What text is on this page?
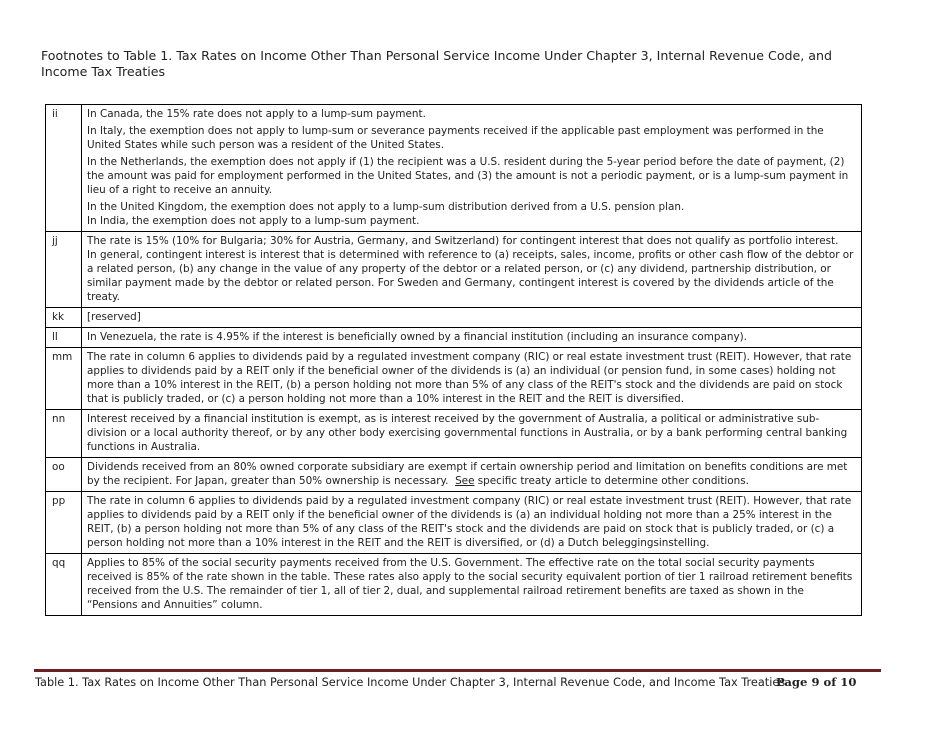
Footnotes to Table 1. Tax Rates on Income Other Than Personal Service Income Under Chapter 3, Internal Revenue Code, and Income Tax Treaties
ii	In Canada, the 15% rate does not apply to a lump-sum payment.

In Italy, the exemption does not apply to lump-sum or severance payments received if the applicable past employment was performed in the United States while such person was a resident of the United States.

In the Netherlands, the exemption does not apply if (1) the recipient was a U.S. resident during the 5-year period before the date of payment, (2) the amount was paid for employment performed in the United States, and (3) the amount is not a periodic payment, or is a lump-sum payment in lieu of a right to receive an annuity.

In the United Kingdom, the exemption does not apply to a lump-sum distribution derived from a U.S. pension plan.

In India, the exemption does not apply to a lump-sum payment.

jj	The rate is 15% (10% for Bulgaria; 30% for Austria, Germany, and Switzerland) for contingent interest that does not qualify as portfolio interest.

In general, contingent interest is interest that is determined with reference to (a) receipts, sales, income, profits or other cash flow of the debtor or a related person, (b) any change in the value of any property of the debtor or a related person, or (c) any dividend, partnership distribution, or similar payment made by the debtor or related person. For Sweden and Germany, contingent interest is covered by the dividends article of the treaty.

kk	[reserved]

ll	In Venezuela, the rate is 4.95% if the interest is beneficially owned by a financial institution (including an insurance company).

mm	The rate in column 6 applies to dividends paid by a regulated investment company (RIC) or real estate investment trust (REIT). However, that rate applies to dividends paid by a REIT only if the beneficial owner of the dividends is (a) an individual (or pension fund, in some cases) holding not more than a 10% interest in the REIT, (b) a person holding not more than 5% of any class of the REIT's stock and the dividends are paid on stock that is publicly traded, or (c) a person holding not more than a 10% interest in the REIT and the REIT is diversified.

nn	Interest received by a financial institution is exempt, as is interest received by the government of Australia, a political or administrative sub-division or a local authority thereof, or by any other body exercising governmental functions in Australia, or by a bank performing central banking functions in Australia.

oo	Dividends received from an 80% owned corporate subsidiary are exempt if certain ownership period and limitation on benefits conditions are met by the recipient. For Japan, greater than 50% ownership is necessary.  See specific treaty article to determine other conditions.

pp	The rate in column 6 applies to dividends paid by a regulated investment company (RIC) or real estate investment trust (REIT). However, that rate applies to dividends paid by a REIT only if the beneficial owner of the dividends is (a) an individual holding not more than a 25% interest in the REIT, (b) a person holding not more than 5% of any class of the REIT's stock and the dividends are paid on stock that is publicly traded, or (c) a person holding not more than a 10% interest in the REIT and the REIT is diversified, or (d) a Dutch beleggingsinstelling.

qq	Applies to 85% of the social security payments received from the U.S. Government. The effective rate on the total social security payments received is 85% of the rate shown in the table. These rates also apply to the social security equivalent portion of tier 1 railroad retirement benefits received from the U.S. The remainder of tier 1, all of tier 2, dual, and supplemental railroad retirement benefits are taxed as shown in the “Pensions and Annuities” column.

Table 1. Tax Rates on Income Other Than Personal Service Income Under Chapter 3, Internal Revenue Code, and Income Tax Treaties
Page 9 of 10
